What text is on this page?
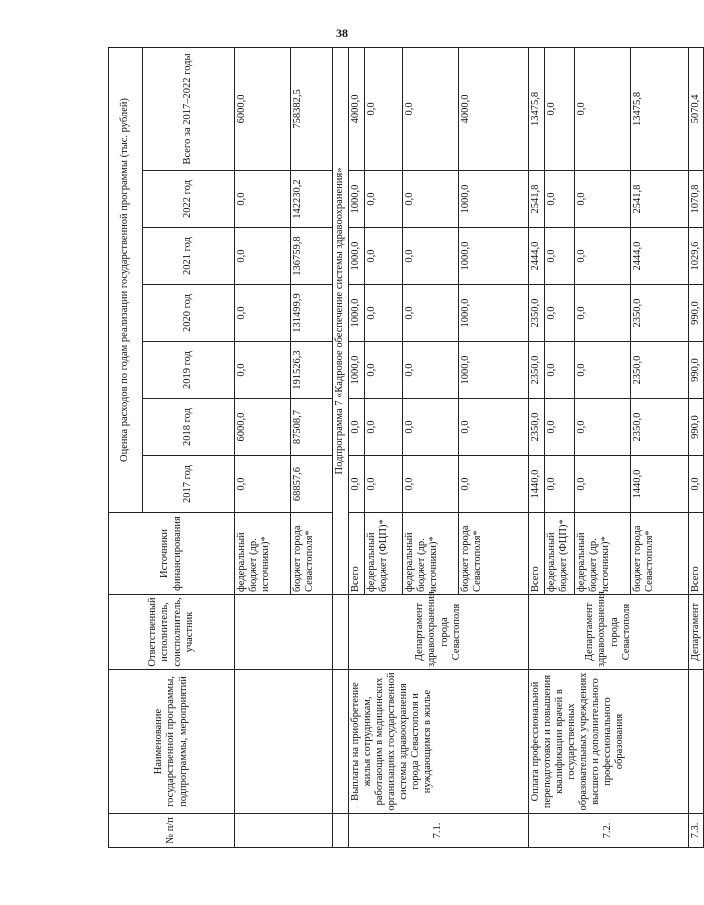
38
№ п/п	Наименование государственной программы, подпрограммы, мероприятий	Ответственный исполнитель, соисполнитель, участник	Источники финансирования	Оценка расходов по годам реализации государственной программы (тыс. рублей)						
				2017 год	2018 год	2019 год	2020 год	2021 год	2022 год	Всего за 2017–2022 годы
			федеральный бюджет (др. источники)*	0,0	6000,0	0,0	0,0	0,0	0,0	6000,0
			бюджет города Севастополя*	68857,6	87508,7	191526,3	131499,9	136759,8	142230,2	758382,5
			Подпрограмма 7 «Кадровое обеспечение системы здравоохранения»							
7.1.	Выплаты на приобретение жилья сотрудникам, работающим в медицинских организациях государственной системы здравоохранения города Севастополя и нуждающимся в жилье	Департамент здравоохранения города Севастополя	Всего	0,0	0,0	1000,0	1000,0	1000,0	1000,0	4000,0
			федеральный бюджет (ФЦП)*	0,0	0,0	0,0	0,0	0,0	0,0	0,0
			федеральный бюджет (др. источники)*	0,0	0,0	0,0	0,0	0,0	0,0	0,0
			бюджет города Севастополя*	0,0	0,0	1000,0	1000,0	1000,0	1000,0	4000,0
7.2.	Оплата профессиональной переподготовки и повышения квалификации врачей в государственных образовательных учреждениях высшего и дополнительного профессионального образования	Департамент здравоохранения города Севастополя	Всего	1440,0	2350,0	2350,0	2350,0	2444,0	2541,8	13475,8
			федеральный бюджет (ФЦП)*	0,0	0,0	0,0	0,0	0,0	0,0	0,0
			федеральный бюджет (др. источники)*	0,0	0,0	0,0	0,0	0,0	0,0	0,0
			бюджет города Севастополя*	1440,0	2350,0	2350,0	2350,0	2444,0	2541,8	13475,8
7.3.		Департамент	Всего	0,0	990,0	990,0	990,0	1029,6	1070,8	5070,4
